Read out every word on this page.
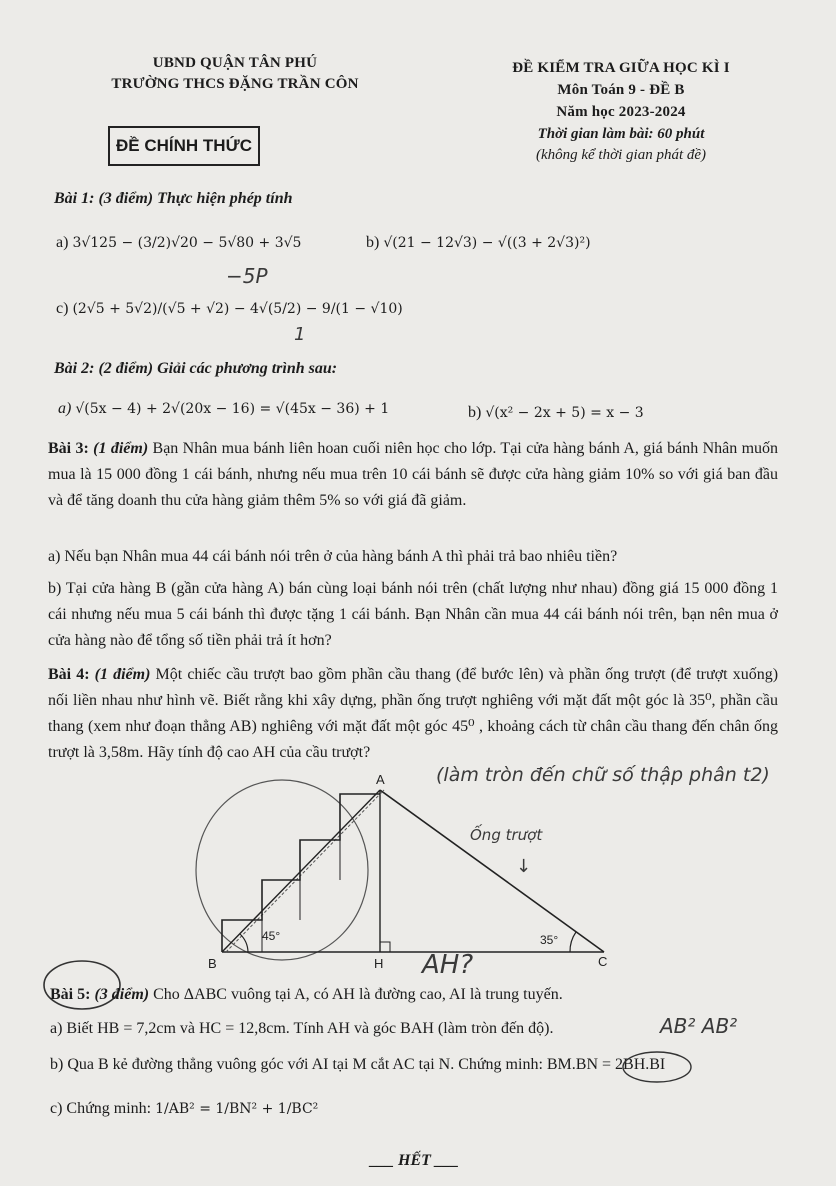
UBND QUẬN TÂN PHÚ
TRƯỜNG THCS ĐẶNG TRẦN CÔN
ĐỀ CHÍNH THỨC
ĐỀ KIỂM TRA GIỮA HỌC KÌ I
Môn Toán 9 - ĐỀ B
Năm học 2023-2024
Thời gian làm bài: 60 phút
(không kể thời gian phát đề)
Bài 1: (3 điểm) Thực hiện phép tính
a) 3√125 − (3/2)√20 − 5√80 + 3√5	b) √(21 − 12√3) − √((3 + 2√3)²)
−5P
c) (2√5 + 5√2)/(√5 + √2) − 4√(5/2) − 9/(1 − √10)
Bài 2: (2 điểm) Giải các phương trình sau:
a) √(5x − 4) + 2√(20x − 16) = √(45x − 36) + 1	b) √(x² − 2x + 5) = x − 3
Bài 3: (1 điểm) Bạn Nhân mua bánh liên hoan cuối niên học cho lớp. Tại cửa hàng bánh A, giá bánh Nhân muốn mua là 15 000 đồng 1 cái bánh, nhưng nếu mua trên 10 cái bánh sẽ được cửa hàng giảm 10% so với giá ban đầu và để tăng doanh thu cửa hàng giảm thêm 5% so với giá đã giảm.
a) Nếu bạn Nhân mua 44 cái bánh nói trên ở của hàng bánh A thì phải trả bao nhiêu tiền?
b) Tại cửa hàng B (gần cửa hàng A) bán cùng loại bánh nói trên (chất lượng như nhau) đồng giá 15 000 đồng 1 cái nhưng nếu mua 5 cái bánh thì được tặng 1 cái bánh. Bạn Nhân cần mua 44 cái bánh nói trên, bạn nên mua ở cửa hàng nào để tổng số tiền phải trả ít hơn?
Bài 4: (1 điểm) Một chiếc cầu trượt bao gồm phần cầu thang (để bước lên) và phần ống trượt (để trượt xuống) nối liền nhau như hình vẽ. Biết rằng khi xây dựng, phần ống trượt nghiêng với mặt đất một góc là 35⁰, phần cầu thang (xem như đoạn thẳng AB) nghiêng với mặt đất một góc 45⁰ , khoảng cách từ chân cầu thang đến chân ống trượt là 3,58m. Hãy tính độ cao AH của cầu trượt?
(làm tròn đến chữ số thập phân t2)
Ống trượt
↓
1
A
B	H	C
45°	35°
AH?
Bài 5: (3 điểm) Cho ΔABC vuông tại A, có AH là đường cao, AI là trung tuyến.
a) Biết HB = 7,2cm và HC = 12,8cm. Tính AH và góc BAH (làm tròn đến độ).	AB² AB²
b) Qua B kẻ đường thẳng vuông góc với AI tại M cắt AC tại N. Chứng minh: BM.BN = 2BH.BI
c) Chứng minh: 1/AB² = 1/BN² + 1/BC²
___ HẾT ___
